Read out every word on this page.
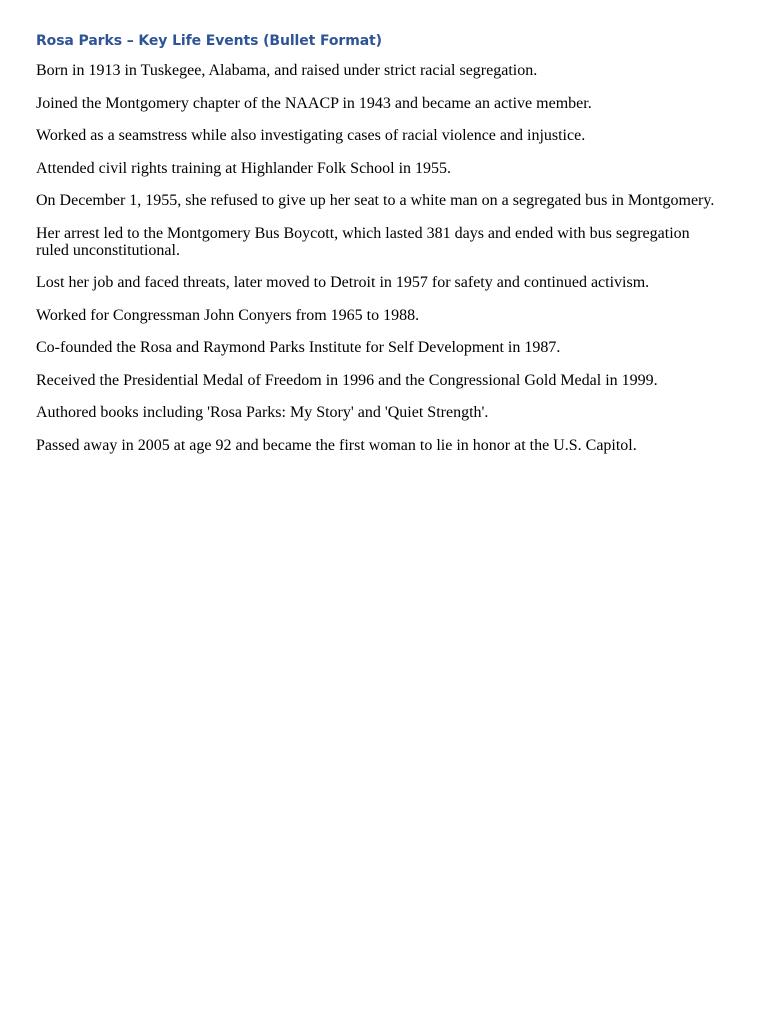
Rosa Parks – Key Life Events (Bullet Format)
Born in 1913 in Tuskegee, Alabama, and raised under strict racial segregation.
Joined the Montgomery chapter of the NAACP in 1943 and became an active member.
Worked as a seamstress while also investigating cases of racial violence and injustice.
Attended civil rights training at Highlander Folk School in 1955.
On December 1, 1955, she refused to give up her seat to a white man on a segregated bus in Montgomery.
Her arrest led to the Montgomery Bus Boycott, which lasted 381 days and ended with bus segregation ruled unconstitutional.
Lost her job and faced threats, later moved to Detroit in 1957 for safety and continued activism.
Worked for Congressman John Conyers from 1965 to 1988.
Co-founded the Rosa and Raymond Parks Institute for Self Development in 1987.
Received the Presidential Medal of Freedom in 1996 and the Congressional Gold Medal in 1999.
Authored books including 'Rosa Parks: My Story' and 'Quiet Strength'.
Passed away in 2005 at age 92 and became the first woman to lie in honor at the U.S. Capitol.
